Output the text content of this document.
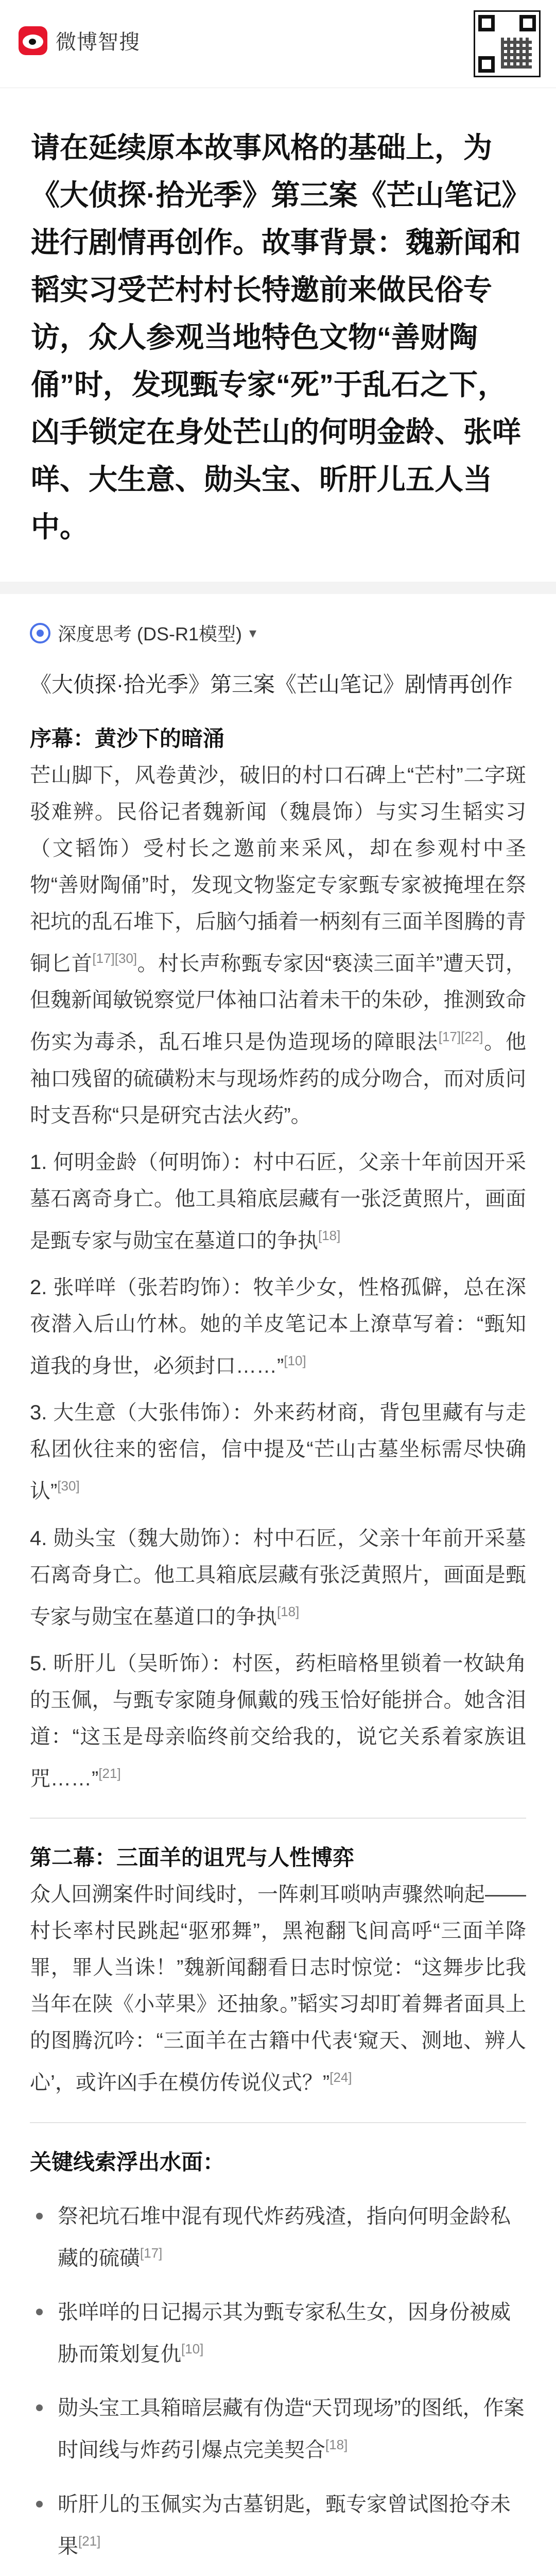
微博智搜
请在延续原本故事风格的基础上，为《大侦探·拾光季》第三案《芒山笔记》进行剧情再创作。故事背景：魏新闻和韬实习受芒村村长特邀前来做民俗专访，众人参观当地特色文物“善财陶俑”时，发现甄专家“死”于乱石之下，凶手锁定在身处芒山的何明金龄、张咩咩、大生意、勋头宝、昕肝儿五人当中。
深度思考 (DS-R1模型) ▾
《大侦探·拾光季》第三案《芒山笔记》剧情再创作
序幕：黄沙下的暗涌

芒山脚下，风卷黄沙，破旧的村口石碑上“芒村”二字斑驳难辨。民俗记者魏新闻（魏晨饰）与实习生韬实习（文韬饰）受村长之邀前来采风，却在参观村中圣物“善财陶俑”时，发现文物鉴定专家甄专家被掩埋在祭祀坑的乱石堆下，后脑勺插着一柄刻有三面羊图腾的青铜匕首[17][30]。村长声称甄专家因“亵渎三面羊”遭天罚，但魏新闻敏锐察觉尸体袖口沾着未干的朱砂，推测致命伤实为毒杀，乱石堆只是伪造现场的障眼法[17][22]。他袖口残留的硫磺粉末与现场炸药的成分吻合，而对质问时支吾称“只是研究古法火药”。

1. 何明金龄（何明饰）：村中石匠，父亲十年前因开采墓石离奇身亡。他工具箱底层藏有一张泛黄照片，画面是甄专家与勋宝在墓道口的争执[18]

2. 张咩咩（张若昀饰）：牧羊少女，性格孤僻，总在深夜潜入后山竹林。她的羊皮笔记本上潦草写着：“甄知道我的身世，必须封口……”[10]

3. 大生意（大张伟饰）：外来药材商，背包里藏有与走私团伙往来的密信，信中提及“芒山古墓坐标需尽快确认”[30]

4. 勋头宝（魏大勋饰）：村中石匠，父亲十年前开采墓石离奇身亡。他工具箱底层藏有张泛黄照片，画面是甄专家与勋宝在墓道口的争执[18]

5. 昕肝儿（吴昕饰）：村医，药柜暗格里锁着一枚缺角的玉佩，与甄专家随身佩戴的残玉恰好能拼合。她含泪道：“这玉是母亲临终前交给我的，说它关系着家族诅咒……”[21]

第二幕：三面羊的诅咒与人性博弈

众人回溯案件时间线时，一阵刺耳唢呐声骤然响起——村长率村民跳起“驱邪舞”，黑袍翻飞间高呼“三面羊降罪，罪人当诛！”魏新闻翻看日志时惊觉：“这舞步比我当年在陕《小苹果》还抽象。”韬实习却盯着舞者面具上的图腾沉吟：“三面羊在古籍中代表‘窥天、测地、辨人心’，或许凶手在模仿传说仪式？”[24]

关键线索浮出水面：
祭祀坑石堆中混有现代炸药残渣，指向何明金龄私藏的硫磺[17]
张咩咩的日记揭示其为甄专家私生女，因身份被威胁而策划复仇[10]
勋头宝工具箱暗层藏有伪造“天罚现场”的图纸，作案时间线与炸药引爆点完美契合[18]
昕肝儿的玉佩实为古墓钥匙，甄专家曾试图抢夺未果[21]
